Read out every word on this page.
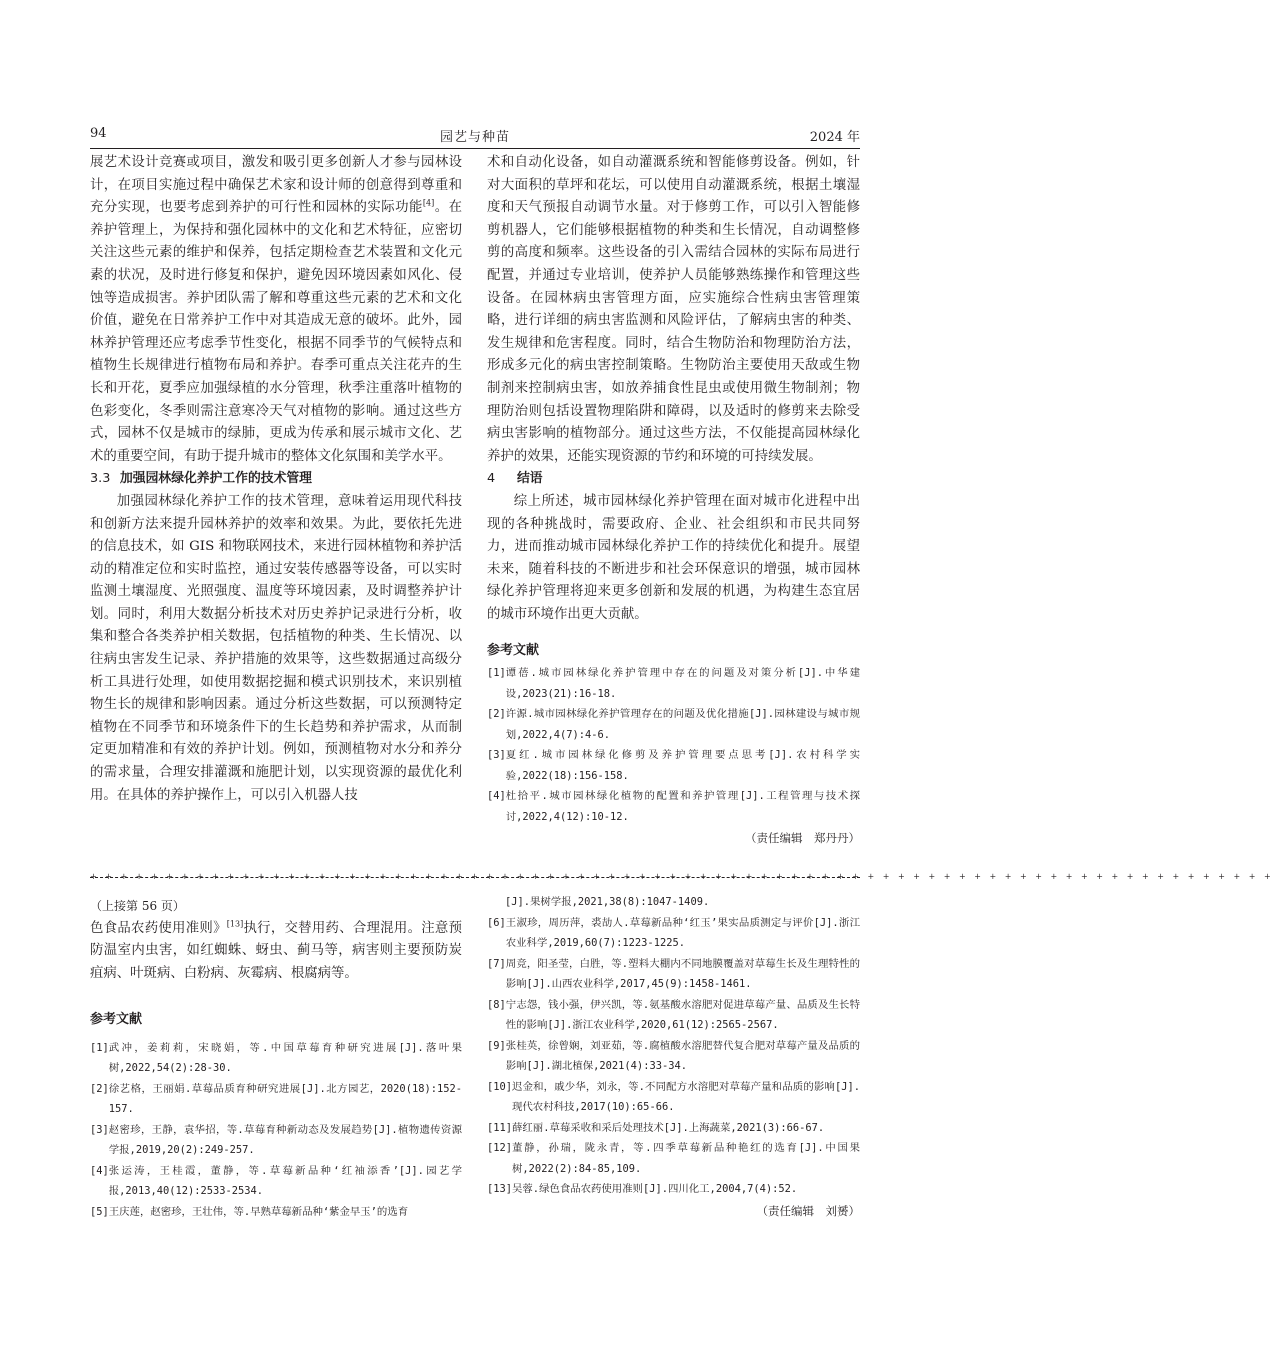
94	园艺与种苗	2024 年

展艺术设计竞赛或项目，激发和吸引更多创新人才参与园林设计，在项目实施过程中确保艺术家和设计师的创意得到尊重和充分实现，也要考虑到养护的可行性和园林的实际功能[4]。在养护管理上，为保持和强化园林中的文化和艺术特征，应密切关注这些元素的维护和保养，包括定期检查艺术装置和文化元素的状况，及时进行修复和保护，避免因环境因素如风化、侵蚀等造成损害。养护团队需了解和尊重这些元素的艺术和文化价值，避免在日常养护工作中对其造成无意的破坏。此外，园林养护管理还应考虑季节性变化，根据不同季节的气候特点和植物生长规律进行植物布局和养护。春季可重点关注花卉的生长和开花，夏季应加强绿植的水分管理，秋季注重落叶植物的色彩变化，冬季则需注意寒冷天气对植物的影响。通过这些方式，园林不仅是城市的绿肺，更成为传承和展示城市文化、艺术的重要空间，有助于提升城市的整体文化氛围和美学水平。

3.3 加强园林绿化养护工作的技术管理

加强园林绿化养护工作的技术管理，意味着运用现代科技和创新方法来提升园林养护的效率和效果。为此，要依托先进的信息技术，如 GIS 和物联网技术，来进行园林植物和养护活动的精准定位和实时监控，通过安装传感器等设备，可以实时监测土壤湿度、光照强度、温度等环境因素，及时调整养护计划。同时，利用大数据分析技术对历史养护记录进行分析，收集和整合各类养护相关数据，包括植物的种类、生长情况、以往病虫害发生记录、养护措施的效果等，这些数据通过高级分析工具进行处理，如使用数据挖掘和模式识别技术，来识别植物生长的规律和影响因素。通过分析这些数据，可以预测特定植物在不同季节和环境条件下的生长趋势和养护需求，从而制定更加精准和有效的养护计划。例如，预测植物对水分和养分的需求量，合理安排灌溉和施肥计划，以实现资源的最优化利用。在具体的养护操作上，可以引入机器人技

术和自动化设备，如自动灌溉系统和智能修剪设备。例如，针对大面积的草坪和花坛，可以使用自动灌溉系统，根据土壤湿度和天气预报自动调节水量。对于修剪工作，可以引入智能修剪机器人，它们能够根据植物的种类和生长情况，自动调整修剪的高度和频率。这些设备的引入需结合园林的实际布局进行配置，并通过专业培训，使养护人员能够熟练操作和管理这些设备。在园林病虫害管理方面，应实施综合性病虫害管理策略，进行详细的病虫害监测和风险评估，了解病虫害的种类、发生规律和危害程度。同时，结合生物防治和物理防治方法，形成多元化的病虫害控制策略。生物防治主要使用天敌或生物制剂来控制病虫害，如放养捕食性昆虫或使用微生物制剂；物理防治则包括设置物理陷阱和障碍，以及适时的修剪来去除受病虫害影响的植物部分。通过这些方法，不仅能提高园林绿化养护的效果，还能实现资源的节约和环境的可持续发展。

4 结语

综上所述，城市园林绿化养护管理在面对城市化进程中出现的各种挑战时，需要政府、企业、社会组织和市民共同努力，进而推动城市园林绿化养护工作的持续优化和提升。展望未来，随着科技的不断进步和社会环保意识的增强，城市园林绿化养护管理将迎来更多创新和发展的机遇，为构建生态宜居的城市环境作出更大贡献。

参考文献

[1] 谭蓓.城市园林绿化养护管理中存在的问题及对策分析[J].中华建设,2023(21):16-18.
[2] 许源.城市园林绿化养护管理存在的问题及优化措施[J].园林建设与城市规划,2022,4(7):4-6.
[3] 夏红.城市园林绿化修剪及养护管理要点思考[J].农村科学实验,2022(18):156-158.
[4] 杜拾平.城市园林绿化植物的配置和养护管理[J].工程管理与技术探讨,2022,4(12):10-12.

（责任编辑　郑丹丹）

+ + + + + + + + + + + + + + + + + + + + + + + + + + + + + + + + + + + + + + + + + + + + + + + + + + + + + + + + + + + + + + + + + + + + + + + + + + + + + +

（上接第 56 页）

色食品农药使用准则》[13]执行，交替用药、合理混用。注意预防温室内虫害，如红蜘蛛、蚜虫、蓟马等，病害则主要预防炭疽病、叶斑病、白粉病、灰霉病、根腐病等。

参考文献

[1] 武冲，姜莉莉，宋晓娟，等.中国草莓育种研究进展[J].落叶果树,2022,54(2):28-30.
[2] 徐艺格，王丽娟.草莓品质育种研究进展[J].北方园艺，2020(18):152-157.
[3] 赵密珍，王静，袁华招，等.草莓育种新动态及发展趋势[J].植物遗传资源学报,2019,20(2):249-257.
[4] 张运涛，王桂霞，董静，等.草莓新品种‘红袖添香’[J].园艺学报,2013,40(12):2533-2534.
[5] 王庆莲，赵密珍，王壮伟，等.早熟草莓新品种‘紫金早玉’的选育
[J].果树学报,2021,38(8):1047-1409.
[6] 王淑珍，周历萍，裘劼人.草莓新品种‘红玉’果实品质测定与评价[J].浙江农业科学,2019,60(7):1223-1225.
[7] 周竞，阳圣莹，白胜，等.塑料大棚内不同地膜覆盖对草莓生长及生理特性的影响[J].山西农业科学,2017,45(9):1458-1461.
[8] 宁志怨，钱小强，伊兴凯，等.氨基酸水溶肥对促进草莓产量、品质及生长特性的影响[J].浙江农业科学,2020,61(12):2565-2567.
[9] 张桂英，徐曾娴，刘亚茹，等.腐植酸水溶肥替代复合肥对草莓产量及品质的影响[J].湖北植保,2021(4):33-34.
[10] 迟金和，戚少华，刘永，等.不同配方水溶肥对草莓产量和品质的影响[J].现代农村科技,2017(10):65-66.
[11] 薛红丽.草莓采收和采后处理技术[J].上海蔬菜,2021(3):66-67.
[12] 董静，孙瑞，陇永青，等.四季草莓新品种艳红的选育[J].中国果树,2022(2):84-85,109.
[13] 吴蓉.绿色食品农药使用准则[J].四川化工,2004,7(4):52.

（责任编辑　刘赟）
